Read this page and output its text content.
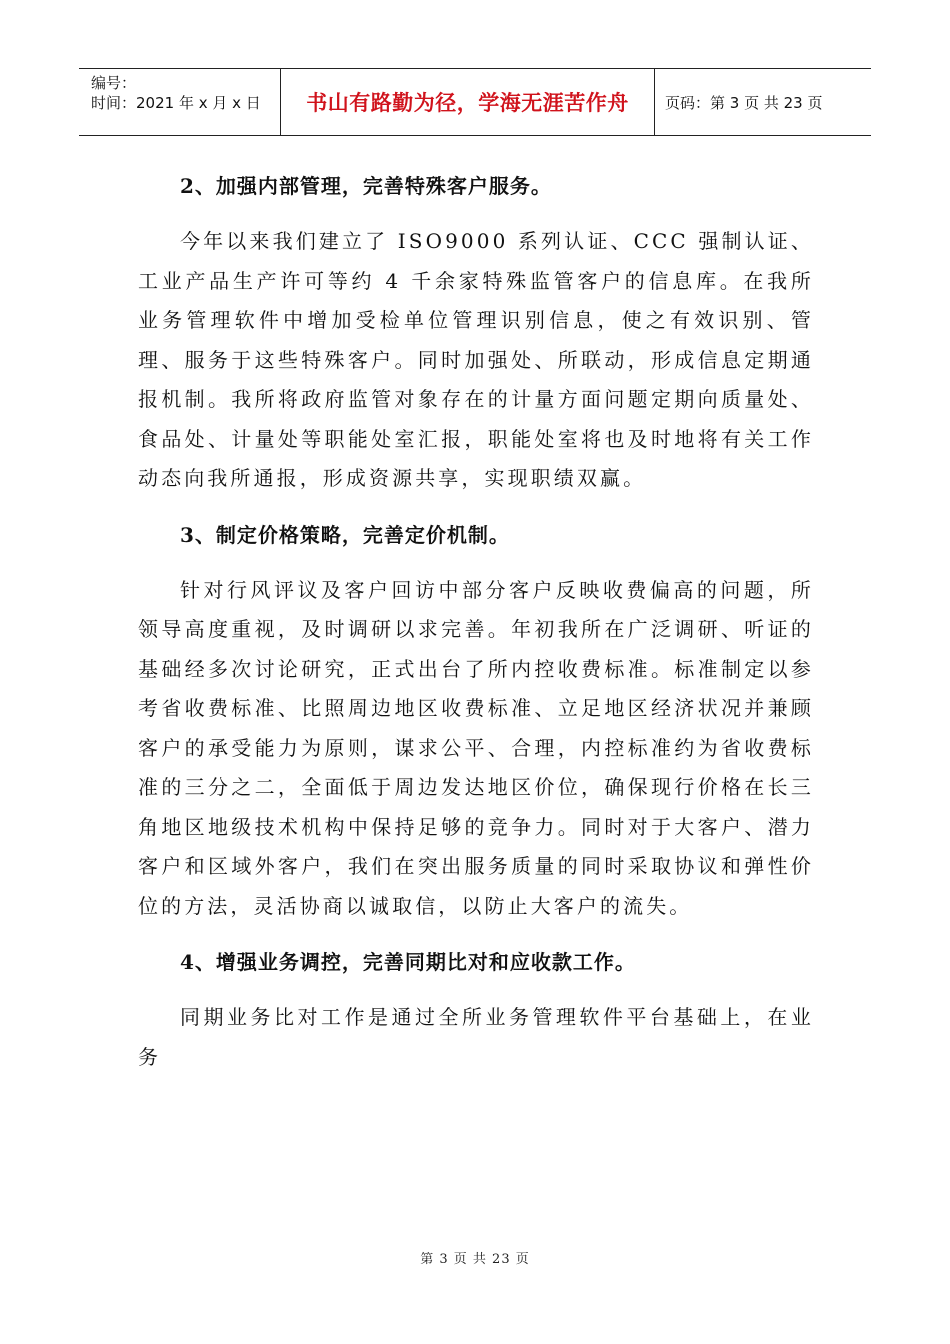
编号：
时间：2021 年 x 月 x 日	书山有路勤为径，学海无涯苦作舟	页码：第 3 页 共 23 页
2、加强内部管理，完善特殊客户服务。

今年以来我们建立了 ISO9000 系列认证、CCC 强制认证、工业产品生产许可等约 4 千余家特殊监管客户的信息库。在我所业务管理软件中增加受检单位管理识别信息，使之有效识别、管理、服务于这些特殊客户。同时加强处、所联动，形成信息定期通报机制。我所将政府监管对象存在的计量方面问题定期向质量处、食品处、计量处等职能处室汇报，职能处室将也及时地将有关工作动态向我所通报，形成资源共享，实现职绩双赢。

3、制定价格策略，完善定价机制。

针对行风评议及客户回访中部分客户反映收费偏高的问题，所领导高度重视，及时调研以求完善。年初我所在广泛调研、听证的基础经多次讨论研究，正式出台了所内控收费标准。标准制定以参考省收费标准、比照周边地区收费标准、立足地区经济状况并兼顾客户的承受能力为原则，谋求公平、合理，内控标准约为省收费标准的三分之二，全面低于周边发达地区价位，确保现行价格在长三角地区地级技术机构中保持足够的竞争力。同时对于大客户、潜力客户和区域外客户，我们在突出服务质量的同时采取协议和弹性价位的方法，灵活协商以诚取信，以防止大客户的流失。

4、增强业务调控，完善同期比对和应收款工作。

同期业务比对工作是通过全所业务管理软件平台基础上，在业务

第 3 页 共 23 页
